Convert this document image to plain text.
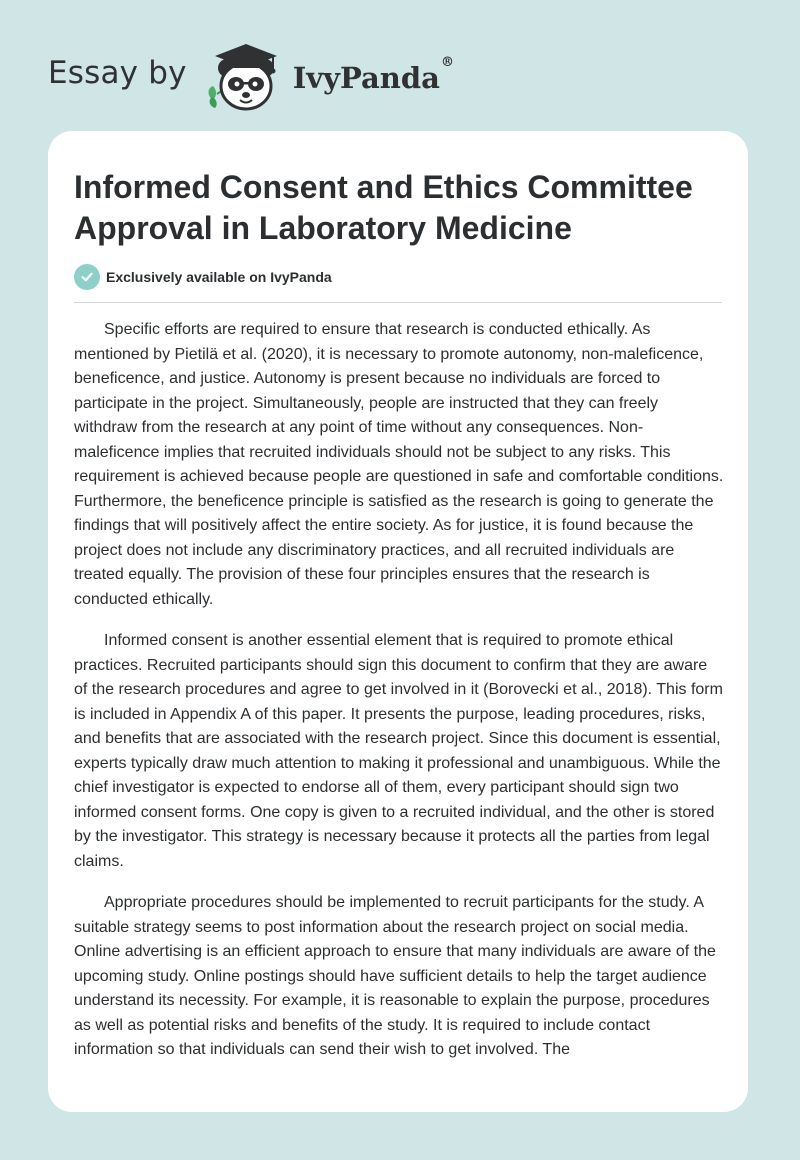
Essay by	IvyPanda®
Informed Consent and Ethics Committee Approval in Laboratory Medicine
Exclusively available on IvyPanda

Specific efforts are required to ensure that research is conducted ethically. As mentioned by Pietilä et al. (2020), it is necessary to promote autonomy, non-maleficence, beneficence, and justice. Autonomy is present because no individuals are forced to participate in the project. Simultaneously, people are instructed that they can freely withdraw from the research at any point of time without any consequences. Non-maleficence implies that recruited individuals should not be subject to any risks. This requirement is achieved because people are questioned in safe and comfortable conditions. Furthermore, the beneficence principle is satisfied as the research is going to generate the findings that will positively affect the entire society. As for justice, it is found because the project does not include any discriminatory practices, and all recruited individuals are treated equally. The provision of these four principles ensures that the research is conducted ethically.

Informed consent is another essential element that is required to promote ethical practices. Recruited participants should sign this document to confirm that they are aware of the research procedures and agree to get involved in it (Borovecki et al., 2018). This form is included in Appendix A of this paper. It presents the purpose, leading procedures, risks, and benefits that are associated with the research project. Since this document is essential, experts typically draw much attention to making it professional and unambiguous. While the chief investigator is expected to endorse all of them, every participant should sign two informed consent forms. One copy is given to a recruited individual, and the other is stored by the investigator. This strategy is necessary because it protects all the parties from legal claims.

Appropriate procedures should be implemented to recruit participants for the study. A suitable strategy seems to post information about the research project on social media. Online advertising is an efficient approach to ensure that many individuals are aware of the upcoming study. Online postings should have sufficient details to help the target audience understand its necessity. For example, it is reasonable to explain the purpose, procedures as well as potential risks and benefits of the study. It is required to include contact information so that individuals can send their wish to get involved. The
